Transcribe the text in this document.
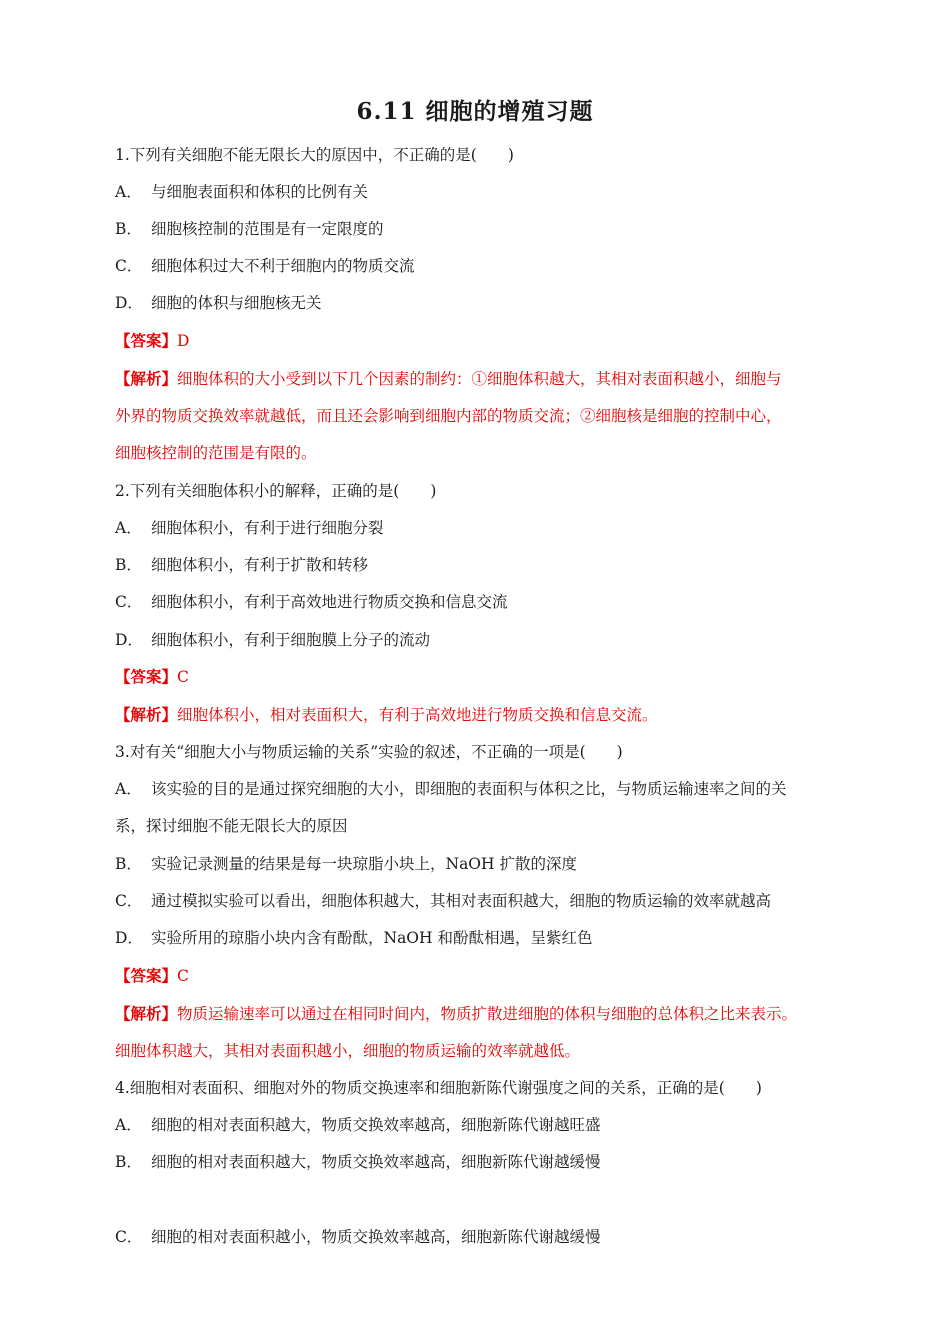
6.11 细胞的增殖习题
1.下列有关细胞不能无限长大的原因中，不正确的是(　　)
A． 与细胞表面积和体积的比例有关
B． 细胞核控制的范围是有一定限度的
C． 细胞体积过大不利于细胞内的物质交流
D． 细胞的体积与细胞核无关
【答案】D
【解析】细胞体积的大小受到以下几个因素的制约：①细胞体积越大，其相对表面积越小，细胞与
外界的物质交换效率就越低，而且还会影响到细胞内部的物质交流；②细胞核是细胞的控制中心，
细胞核控制的范围是有限的。
2.下列有关细胞体积小的解释，正确的是(　　)
A． 细胞体积小，有利于进行细胞分裂
B． 细胞体积小，有利于扩散和转移
C． 细胞体积小，有利于高效地进行物质交换和信息交流
D． 细胞体积小，有利于细胞膜上分子的流动
【答案】C
【解析】细胞体积小，相对表面积大，有利于高效地进行物质交换和信息交流。
3.对有关“细胞大小与物质运输的关系”实验的叙述，不正确的一项是(　　)
A． 该实验的目的是通过探究细胞的大小，即细胞的表面积与体积之比，与物质运输速率之间的关
系，探讨细胞不能无限长大的原因
B． 实验记录测量的结果是每一块琼脂小块上，NaOH 扩散的深度
C． 通过模拟实验可以看出，细胞体积越大，其相对表面积越大，细胞的物质运输的效率就越高
D． 实验所用的琼脂小块内含有酚酞，NaOH 和酚酞相遇，呈紫红色
【答案】C
【解析】物质运输速率可以通过在相同时间内，物质扩散进细胞的体积与细胞的总体积之比来表示。
细胞体积越大，其相对表面积越小，细胞的物质运输的效率就越低。
4.细胞相对表面积、细胞对外的物质交换速率和细胞新陈代谢强度之间的关系，正确的是(　　)
A． 细胞的相对表面积越大，物质交换效率越高，细胞新陈代谢越旺盛
B． 细胞的相对表面积越大，物质交换效率越高，细胞新陈代谢越缓慢
C． 细胞的相对表面积越小，物质交换效率越高，细胞新陈代谢越缓慢
